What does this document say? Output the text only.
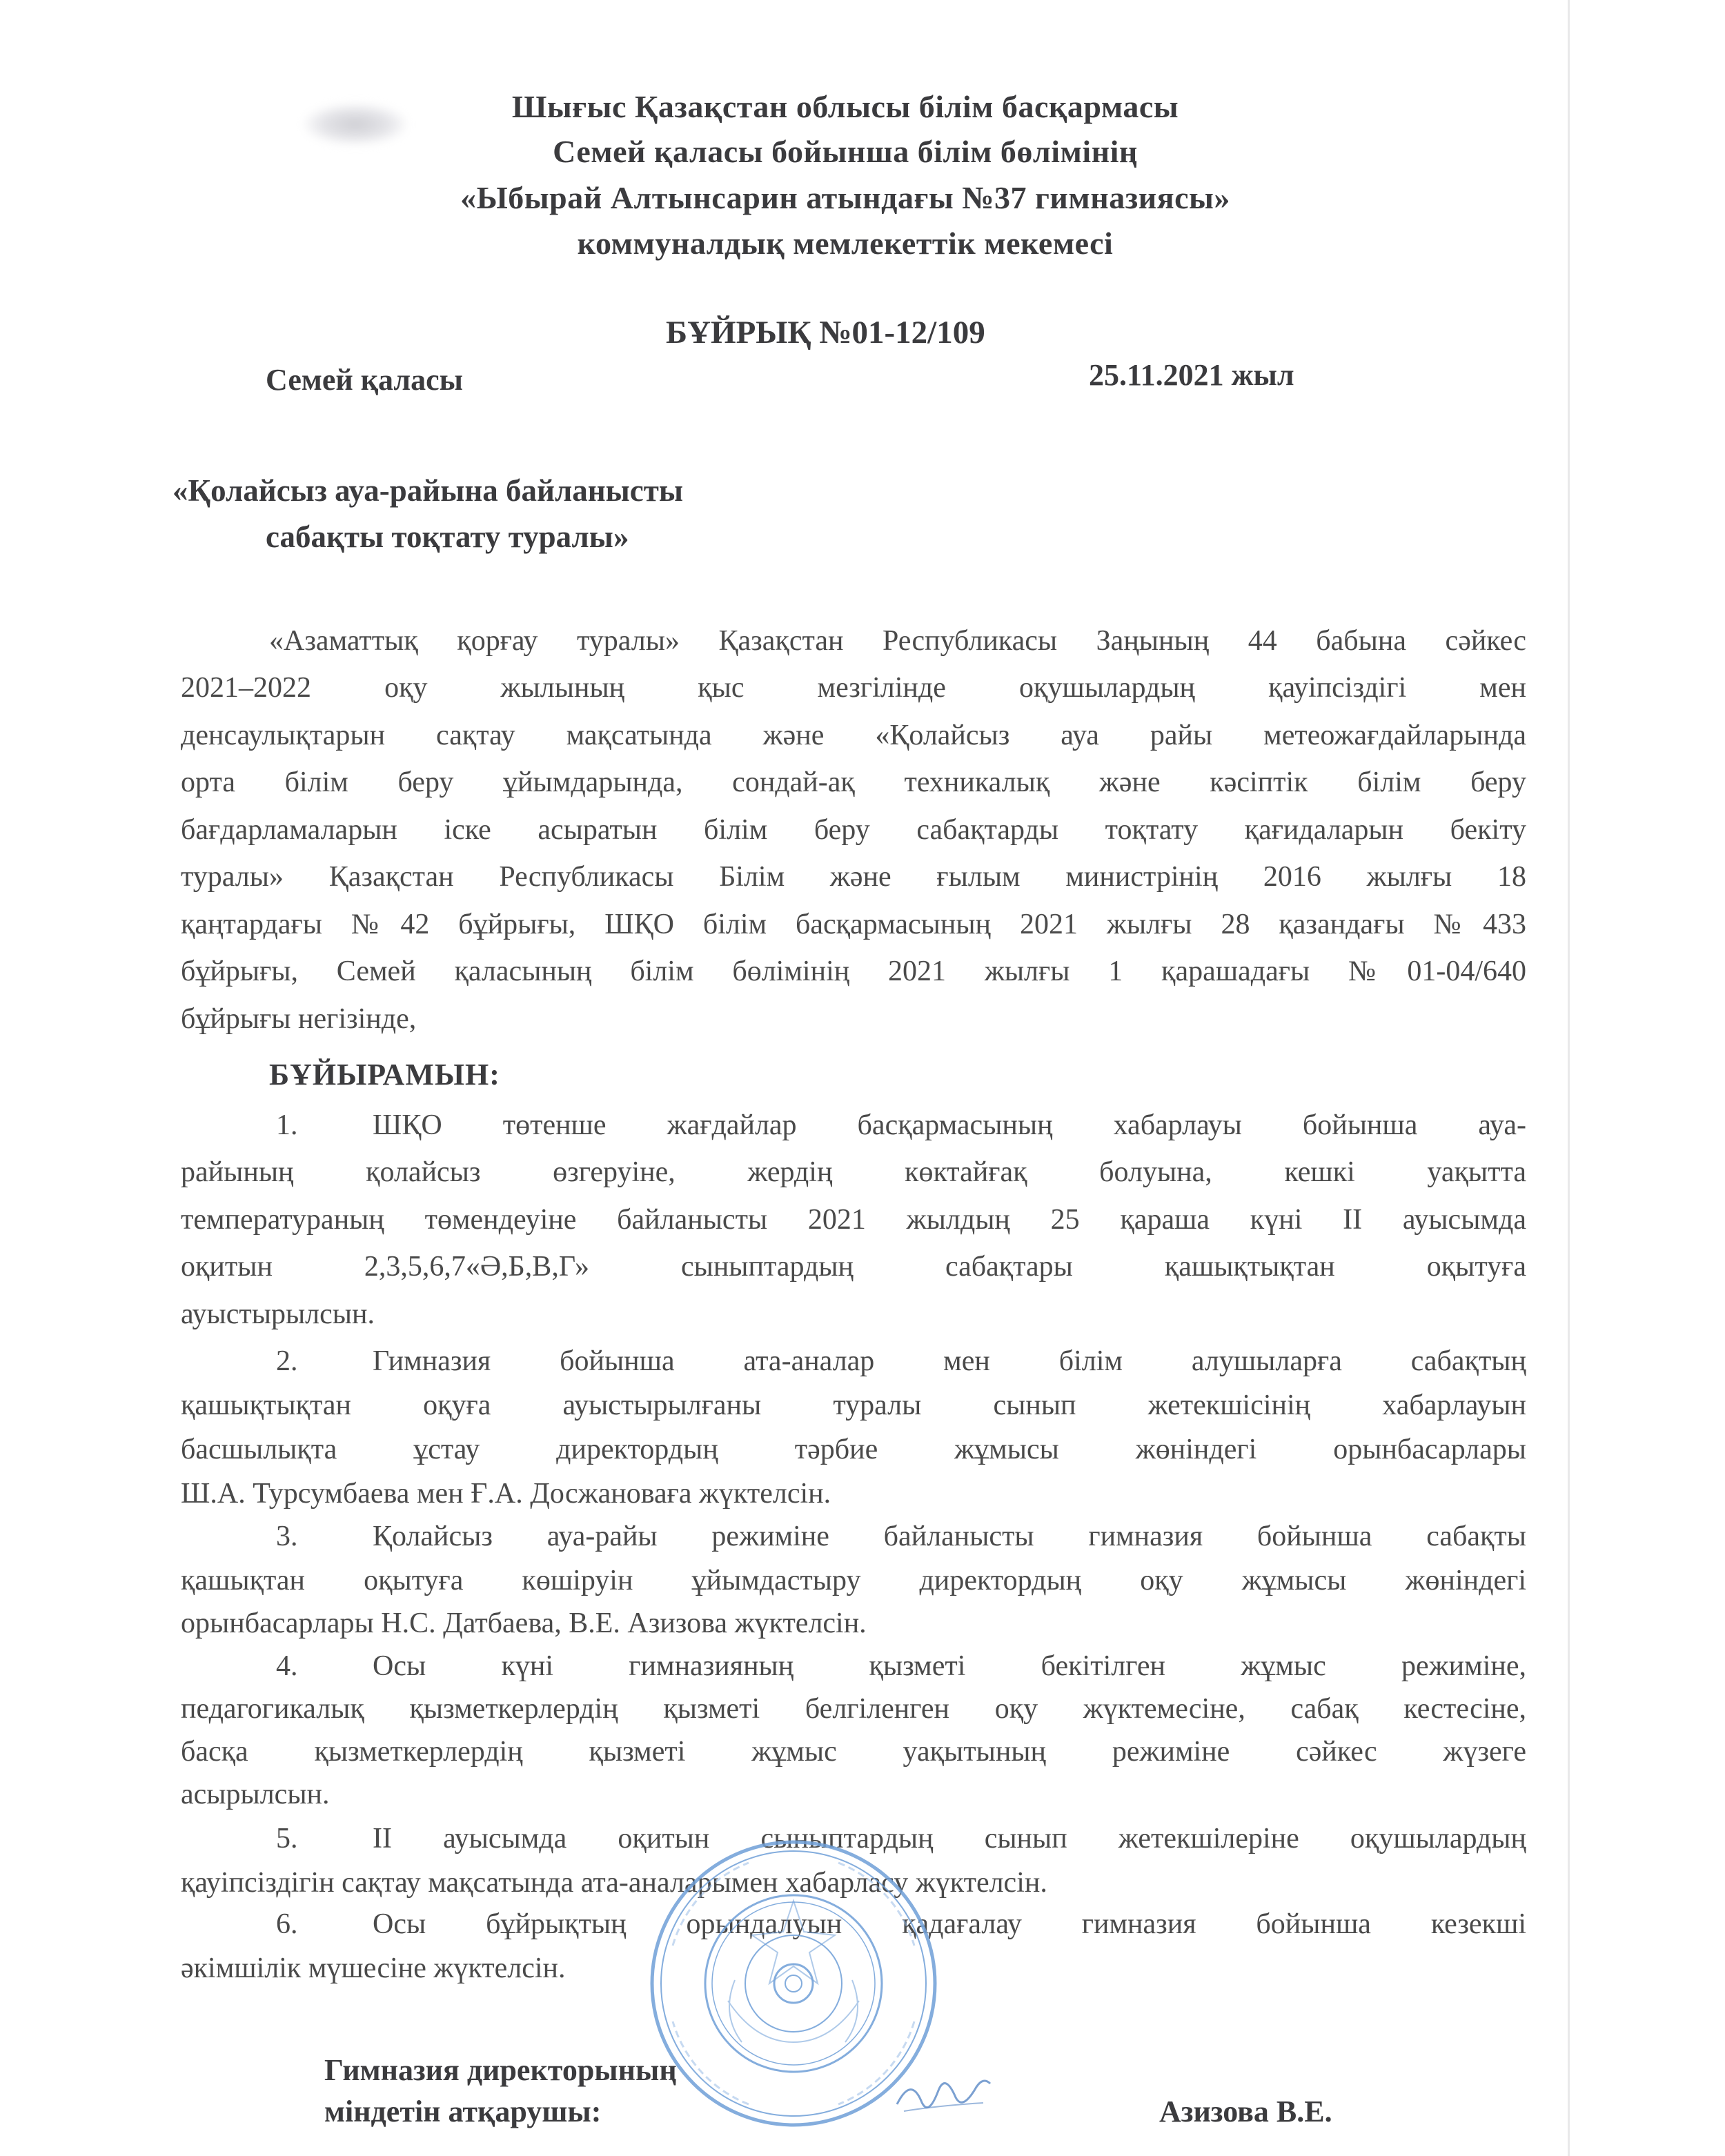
Шығыс Қазақстан облысы білім басқармасы
Семей қаласы бойынша білім бөлімінің
«Ыбырай Алтынсарин атындағы №37 гимназиясы»
коммуналдық мемлекеттік мекемесі
БҰЙРЫҚ №01-12/109
Семей қаласы	25.11.2021 жыл
«Қолайсыз ауа-райына байланысты
сабақты тоқтату туралы»
«Азаматтық қорғау туралы» Қазақстан Республикасы Заңының 44 бабына сәйкес
2021–2022 оқу жылының қыс мезгілінде оқушылардың қауіпсіздігі мен
денсаулықтарын сақтау мақсатында және «Қолайсыз ауа райы метеожағдайларында
орта білім беру ұйымдарында, сондай-ақ техникалық және кәсіптік білім беру
бағдарламаларын іске асыратын білім беру сабақтарды тоқтату қағидаларын бекіту
туралы» Қазақстан Республикасы Білім және ғылым министрінің 2016 жылғы 18
қаңтардағы №42 бұйрығы, ШҚО білім басқармасының 2021 жылғы 28 қазандағы №433
бұйрығы, Семей қаласының білім бөлімінің 2021 жылғы 1 қарашадағы №01-04/640
бұйрығы негізінде,
БҰЙЫРАМЫН:
1.	ШҚО төтенше жағдайлар басқармасының хабарлауы бойынша ауа-
райының қолайсыз өзгеруіне, жердің көктайғақ болуына, кешкі уақытта
температураның төмендеуіне байланысты 2021 жылдың 25 қараша күні ІІ ауысымда
оқитын 2,3,5,6,7«Ә,Б,В,Г» сыныптардың сабақтары қашықтықтан оқытуға
ауыстырылсын.
2.	Гимназия бойынша ата-аналар мен білім алушыларға сабақтың
қашықтықтан оқуға ауыстырылғаны туралы сынып жетекшісінің хабарлауын
басшылықта ұстау директордың тәрбие жұмысы жөніндегі орынбасарлары
Ш.А. Турсумбаева мен Ғ.А. Досжановаға жүктелсін.
3.	Қолайсыз ауа-райы режиміне байланысты гимназия бойынша сабақты
қашықтан оқытуға көшіруін ұйымдастыру директордың оқу жұмысы жөніндегі
орынбасарлары Н.С. Датбаева, В.Е. Азизова жүктелсін.
4.	Осы күні гимназияның қызметі бекітілген жұмыс режиміне,
педагогикалық қызметкерлердің қызметі белгіленген оқу жүктемесіне, сабақ кестесіне,
басқа қызметкерлердің қызметі жұмыс уақытының режиміне сәйкес жүзеге
асырылсын.
5.	ІІ ауысымда оқитын сыныптардың сынып жетекшілеріне оқушылардың
қауіпсіздігін сақтау мақсатында ата-аналарымен хабарласу жүктелсін.
6.	Осы бұйрықтың орындалуын қадағалау гимназия бойынша кезекші
әкімшілік мүшесіне жүктелсін.
Гимназия директорының
міндетін атқарушы:	Азизова В.Е.
